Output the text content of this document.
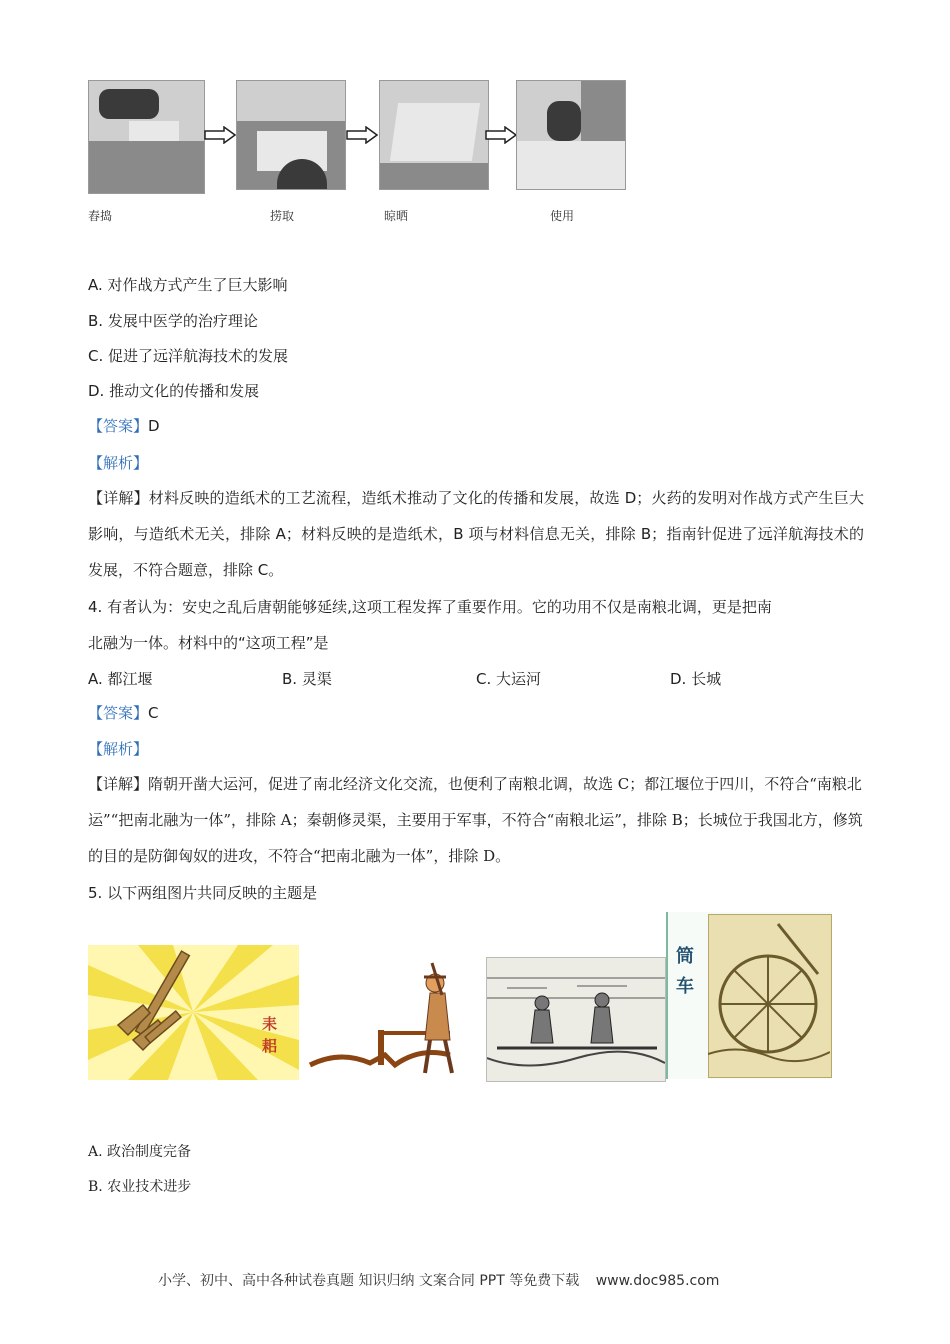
舂捣	捞取	晾晒	使用
A. 对作战方式产生了巨大影响
B. 发展中医学的治疗理论
C. 促进了远洋航海技术的发展
D. 推动文化的传播和发展
【答案】D
【解析】
【详解】材料反映的造纸术的工艺流程，造纸术推动了文化的传播和发展，故选 D；火药的发明对作战方式产生巨大影响，与造纸术无关，排除 A；材料反映的是造纸术，B 项与材料信息无关，排除 B；指南针促进了远洋航海技术的发展，不符合题意，排除 C。
4. 有者认为：安史之乱后唐朝能够延续,这项工程发挥了重要作用。它的功用不仅是南粮北调，更是把南
北融为一体。材料中的“这项工程”是
A. 都江堰	B. 灵渠	C. 大运河	D. 长城
【答案】C
【解析】
【详解】隋朝开凿大运河，促进了南北经济文化交流，也便利了南粮北调，故选 C；都江堰位于四川，不符合“南粮北运”“把南北融为一体”，排除 A；秦朝修灵渠，主要用于军事，不符合“南粮北运”，排除 B；长城位于我国北方，修筑的目的是防御匈奴的进攻，不符合“把南北融为一体”，排除 D。
5. 以下两组图片共同反映的主题是
耒耜
筒车
A. 政治制度完备
B. 农业技术进步
小学、初中、高中各种试卷真题 知识归纳 文案合同 PPT 等免费下载 www.doc985.com
